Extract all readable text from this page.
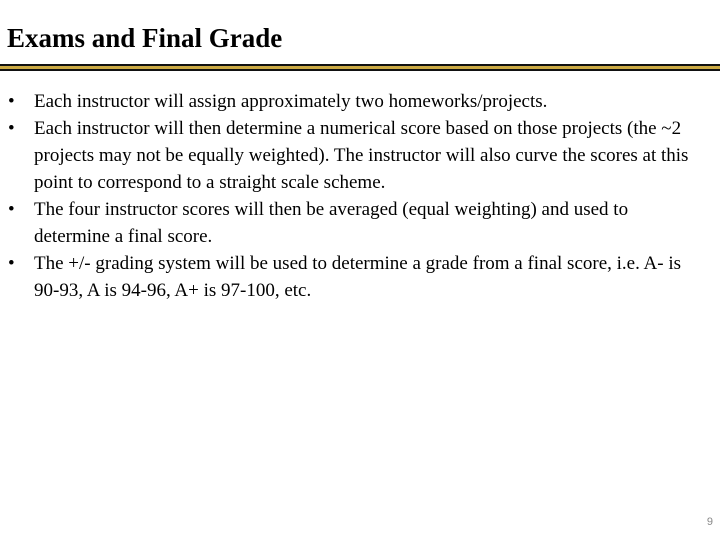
Exams and Final Grade
• Each instructor will assign approximately two homeworks/projects.
• Each instructor will then determine a numerical score based on those projects (the ~2 projects may not be equally weighted). The instructor will also curve the scores at this point to correspond to a straight scale scheme.
• The four instructor scores will then be averaged (equal weighting) and used to determine a final score.
• The +/- grading system will be used to determine a grade from a final score, i.e. A- is 90-93, A is 94-96, A+ is 97-100, etc.
9
